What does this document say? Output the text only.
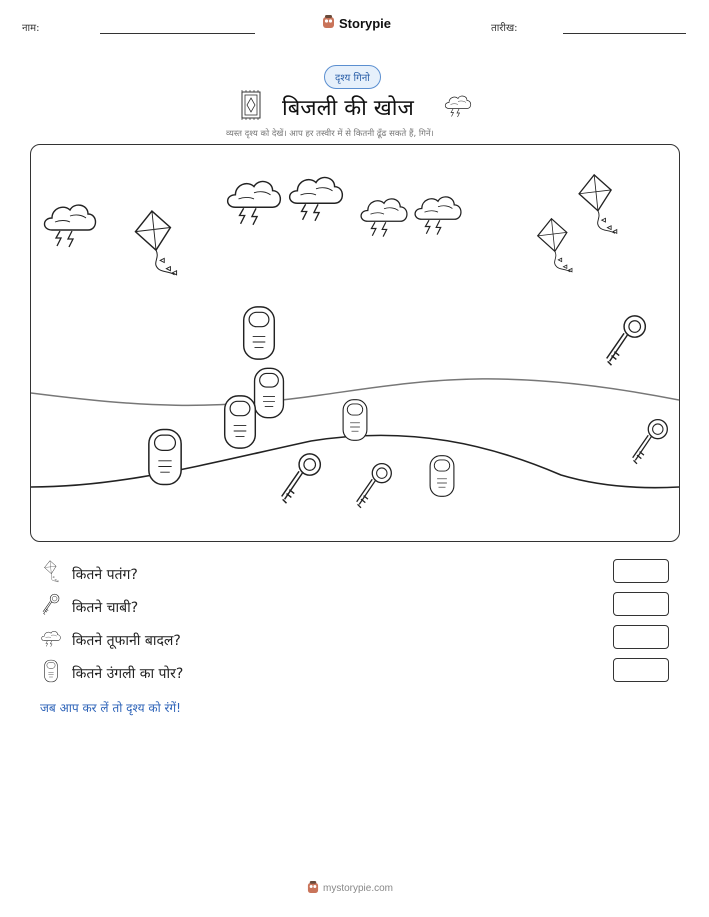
नाम:	Storypie	तारीख:
दृश्य गिनो
बिजली की खोज
व्यस्त दृश्य को देखें। आप हर तस्वीर में से कितनी ढूँढ सकते हैं, गिनें।
कितने पतंग?
कितने चाबी?
कितने तूफानी बादल?
कितने उंगली का पोर?
जब आप कर लें तो दृश्य को रंगें!
mystorypie.com
